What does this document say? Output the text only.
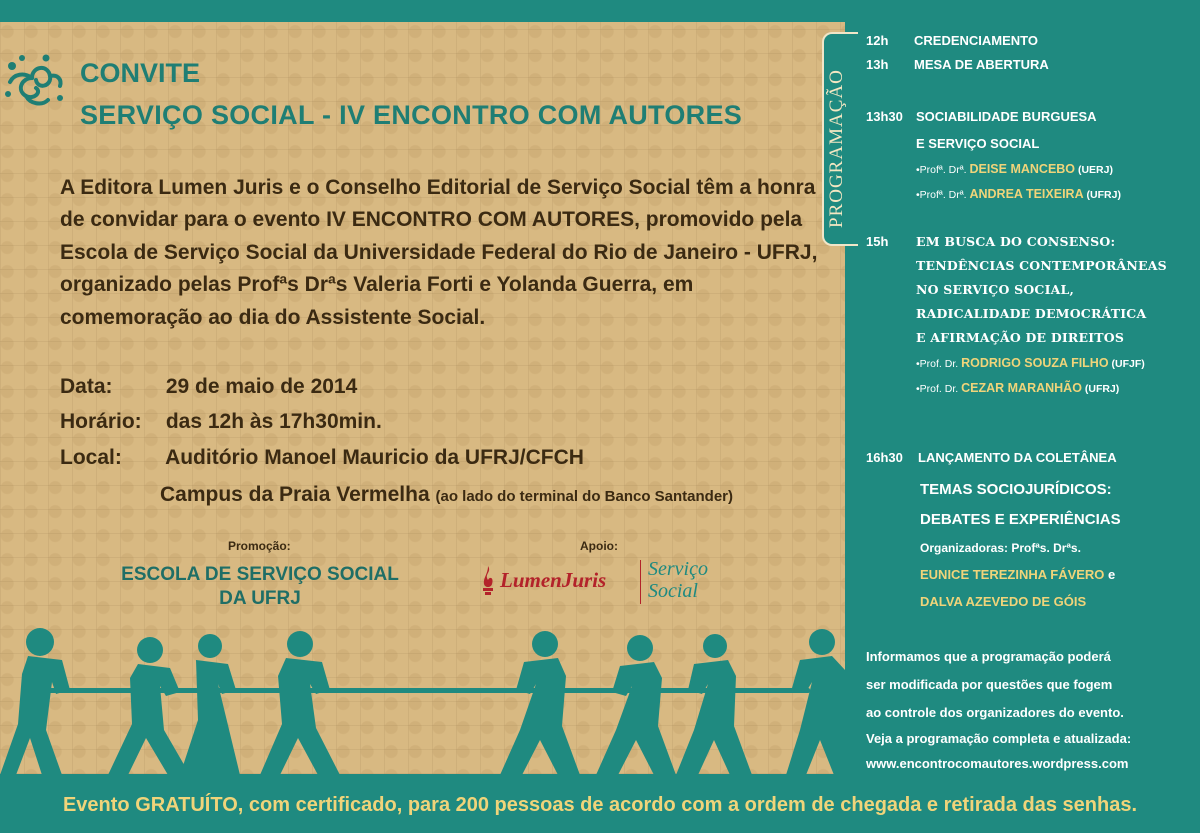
CONVITE
SERVIÇO SOCIAL - IV ENCONTRO COM AUTORES

A Editora Lumen Juris e o Conselho Editorial de Serviço Social têm a honra de convidar para o evento IV ENCONTRO COM AUTORES, promovido pela Escola de Serviço Social da Universidade Federal do Rio de Janeiro - UFRJ, organizado pelas Profªs Drªs Valeria Forti e Yolanda Guerra, em comemoração ao dia do Assistente Social.

Data:	29 de maio de 2014
Horário: das 12h às 17h30min.
Local: Auditório Manoel Mauricio da UFRJ/CFCH
Campus da Praia Vermelha (ao lado do terminal do Banco Santander)
Promoção:	Apoio:
ESCOLA DE SERVIÇO SOCIAL
DA UFRJ
LumenJuris Serviço
Social
PROGRAMAÇÃO
12h CREDENCIAMENTO
13h MESA DE ABERTURA
13h30 SOCIABILIDADE BURGUESA
E SERVIÇO SOCIAL
•Profª. Drª. DEISE MANCEBO (UERJ)
•Profª. Drª. ANDREA TEIXEIRA (UFRJ)
15h EM BUSCA DO CONSENSO:
TENDÊNCIAS CONTEMPORÂNEAS
NO SERVIÇO SOCIAL,
RADICALIDADE DEMOCRÁTICA
E AFIRMAÇÃO DE DIREITOS
•Prof. Dr. RODRIGO SOUZA FILHO (UFJF)
•Prof. Dr. CEZAR MARANHÃO (UFRJ)
16h30 LANÇAMENTO DA COLETÂNEA
TEMAS SOCIOJURÍDICOS:
DEBATES E EXPERIÊNCIAS
Organizadoras: Profªs. Drªs.
EUNICE TEREZINHA FÁVERO e
DALVA AZEVEDO DE GÓIS
Informamos que a programação poderá
ser modificada por questões que fogem
ao controle dos organizadores do evento.
Veja a programação completa e atualizada:
www.encontrocomautores.wordpress.com
Evento GRATUÍTO, com certificado, para 200 pessoas de acordo com a ordem de chegada e retirada das senhas.
